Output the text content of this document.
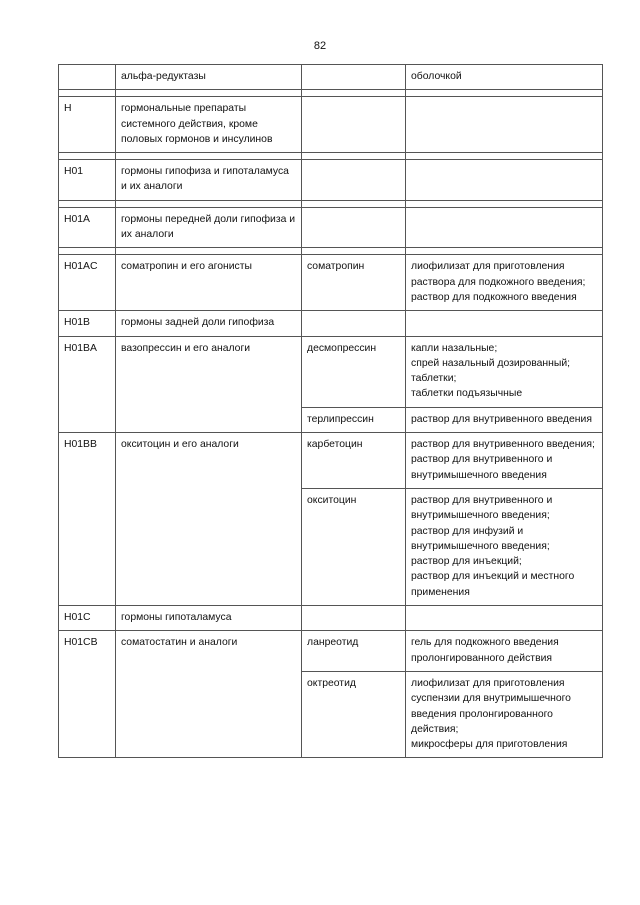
82
	альфа-редуктазы		оболочкой

H	гормональные препараты системного действия, кроме половых гормонов и инсулинов		

H01	гормоны гипофиза и гипоталамуса и их аналоги		

H01A	гормоны передней доли гипофиза и их аналоги		

H01AC	соматропин и его агонисты	соматропин	лиофилизат для приготовления раствора для подкожного введения;
раствор для подкожного введения
H01B	гормоны задней доли гипофиза		
H01BA	вазопрессин и его аналоги	десмопрессин	капли назальные;
спрей назальный дозированный;
таблетки;
таблетки подъязычные
		терлипрессин	раствор для внутривенного введения
H01BB	окситоцин и его аналоги	карбетоцин	раствор для внутривенного введения;
раствор для внутривенного и внутримышечного введения
		окситоцин	раствор для внутривенного и внутримышечного введения;
раствор для инфузий и внутримышечного введения;
раствор для инъекций;
раствор для инъекций и местного применения
H01C	гормоны гипоталамуса		
H01CB	соматостатин и аналоги	ланреотид	гель для подкожного введения пролонгированного действия
		октреотид	лиофилизат для приготовления суспензии для внутримышечного введения пролонгированного действия;
микросферы для приготовления
